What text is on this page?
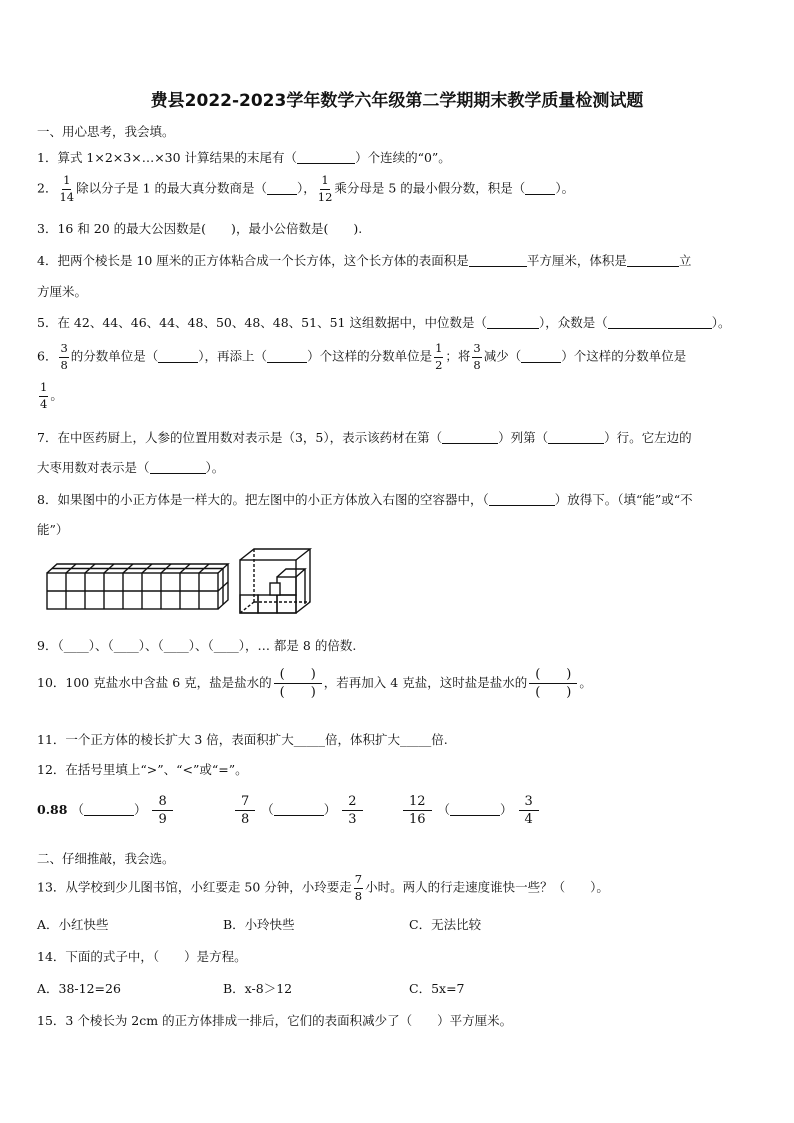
费县2022-2023学年数学六年级第二学期期末教学质量检测试题
一、用心思考，我会填。
1．算式 1×2×3×…×30 计算结果的末尾有（	）个连续的“0”。
2． $\frac{1}{14}$ 除以分子是 1 的最大真分数商是（ ）， $\frac{1}{12}$ 乘分母是 5 的最小假分数，积是（ ）。
3．16 和 20 的最大公因数是(　　)，最小公倍数是(　　).
4．把两个棱长是 10 厘米的正方体粘合成一个长方体，这个长方体的表面积是	平方厘米，体积是	立
方厘米。
5．在 42、44、46、44、48、50、48、48、51、51 这组数据中，中位数是（	），众数是（	）。
6． $\frac{3}{8}$ 的分数单位是（	），再添上（	）个这样的分数单位是 $\frac{1}{2}$ ；将 $\frac{3}{8}$ 减少（	）个这样的分数单位是
$\frac{1}{4}$ 。
7．在中医药厨上，人参的位置用数对表示是（3，5），表示该药材在第（	）列第（	）行。它左边的
大枣用数对表示是（	）。
8．如果图中的小正方体是一样大的。把左图中的小正方体放入右图的空容器中，（	）放得下。（填“能”或“不
能”）
9．（____）、（____）、（____）、（____），… 都是 8 的倍数.
10．100 克盐水中含盐 6 克，盐是盐水的 $\frac{( )}{( )}$ ，若再加入 4 克盐，这时盐是盐水的 $\frac{( )}{( )}$ 。
11．一个正方体的棱长扩大 3 倍，表面积扩大_____倍，体积扩大_____倍.
12．在括号里填上“>”、“<”或“=”。
0.88 （	） $\frac{8}{9}$	$\frac{7}{8}$ （	） $\frac{2}{3}$	$\frac{12}{16}$ （	） $\frac{3}{4}$
二、仔细推敲，我会选。
13．从学校到少儿图书馆，小红要走 50 分钟，小玲要走 $\frac{7}{8}$ 小时。两人的行走速度谁快一些？（　　）。
A．小红快些	B．小玲快些	C．无法比较
14．下面的式子中，（　　）是方程。
A．38-12=26	B．x-8＞12	C．5x=7
15．3 个棱长为 2cm 的正方体排成一排后，它们的表面积减少了（　　）平方厘米。
